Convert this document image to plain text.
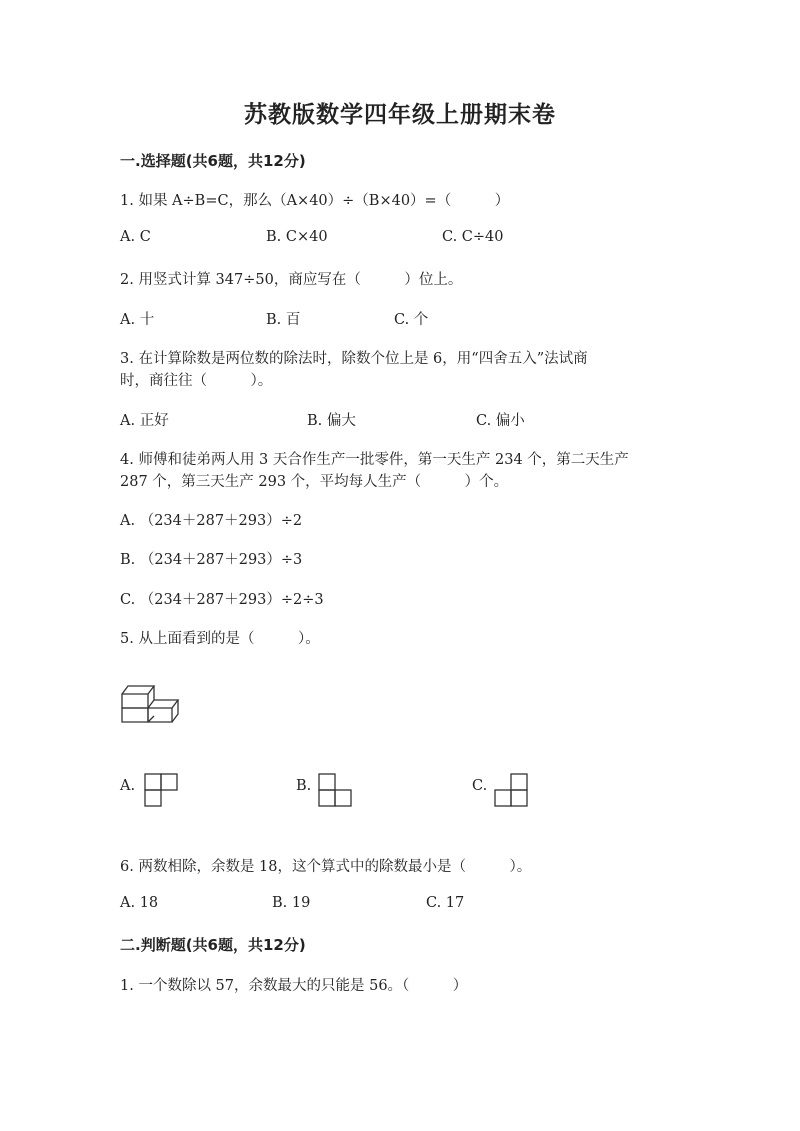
苏教版数学四年级上册期末卷
一.选择题(共6题，共12分)
1. 如果 A÷B=C，那么（A×40）÷（B×40）=（　　　）
A. C	B. C×40	C. C÷40
2. 用竖式计算 347÷50，商应写在（　　　）位上。
A. 十	B. 百	C. 个
3. 在计算除数是两位数的除法时，除数个位上是 6，用“四舍五入”法试商
时，商往往（　　　）。
A. 正好	B. 偏大	C. 偏小
4. 师傅和徒弟两人用 3 天合作生产一批零件，第一天生产 234 个，第二天生产
287 个，第三天生产 293 个，平均每人生产（　　　）个。
A. （234＋287＋293）÷2
B. （234＋287＋293）÷3
C. （234＋287＋293）÷2÷3
5. 从上面看到的是（　　　）。
A.	B.	C.
6. 两数相除，余数是 18，这个算式中的除数最小是（　　　）。
A. 18	B. 19	C. 17
二.判断题(共6题，共12分)
1. 一个数除以 57，余数最大的只能是 56。（　　　）
